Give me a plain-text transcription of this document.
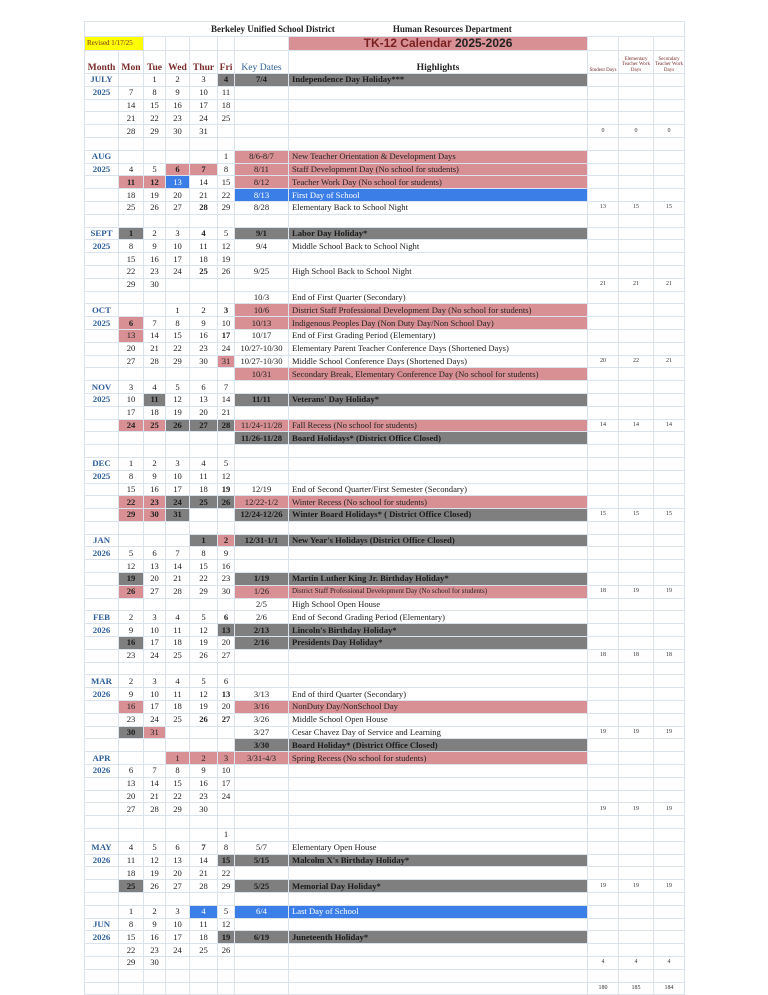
Berkeley Unified School District Human Resources Department										
Revised 1/17/25							TK-12 Calendar 2025-2026			
Month	Mon	Tue	Wed	Thur	Fri	Key Dates	Highlights	Student Days	Elementary Teacher Work Days	Secondary Teacher Work Days
JULY		1	2	3	4	7/4	Independence Day Holiday***			
2025	7	8	9	10	11					
	14	15	16	17	18					
	21	22	23	24	25					
	28	29	30	31				0	0	0

AUG					1	8/6-8/7	New Teacher Orientation & Development Days			
2025	4	5	6	7	8	8/11	Staff Development Day (No school for students)			
	11	12	13	14	15	8/12	Teacher Work Day (No school for students)			
	18	19	20	21	22	8/13	First Day of School			
	25	26	27	28	29	8/28	Elementary Back to School Night	13	15	15

SEPT	1	2	3	4	5	9/1	Labor Day Holiday*			
2025	8	9	10	11	12	9/4	Middle School Back to School Night			
	15	16	17	18	19					
	22	23	24	25	26	9/25	High School Back to School Night			
	29	30						21	21	21
						10/3	End of First Quarter (Secondary)			
OCT			1	2	3	10/6	District Staff Professional Development Day (No school for students)			
2025	6	7	8	9	10	10/13	Indigenous Peoples Day (Non Duty Day/Non School Day)			
	13	14	15	16	17	10/17	End of First Grading Period (Elementary)			
	20	21	22	23	24	10/27-10/30	Elementary Parent Teacher Conference Days (Shortened Days)			
	27	28	29	30	31	10/27-10/30	Middle School Conference Days (Shortened Days)	20	22	21
						10/31	Secondary Break, Elementary Conference Day (No school for students)			
NOV	3	4	5	6	7					
2025	10	11	12	13	14	11/11	Veterans' Day Holiday*			
	17	18	19	20	21					
	24	25	26	27	28	11/24-11/28	Fall Recess (No school for students)	14	14	14
						11/26-11/28	Board Holidays* (District Office Closed)			

DEC	1	2	3	4	5					
2025	8	9	10	11	12					
	15	16	17	18	19	12/19	End of Second Quarter/First Semester (Secondary)			
	22	23	24	25	26	12/22-1/2	Winter Recess (No school for students)			
	29	30	31			12/24-12/26	Winter Board Holidays* ( District Office Closed)	15	15	15

JAN				1	2	12/31-1/1	New Year's Holidays (District Office Closed)			
2026	5	6	7	8	9					
	12	13	14	15	16					
	19	20	21	22	23	1/19	Martin Luther King Jr. Birthday Holiday*			
	26	27	28	29	30	1/26	District Staff Professional Development Day (No school for students)	18	19	19
						2/5	High School Open House			
FEB	2	3	4	5	6	2/6	End of Second Grading Period (Elementary)			
2026	9	10	11	12	13	2/13	Lincoln's Birthday Holiday*			
	16	17	18	19	20	2/16	Presidents Day Holiday*			
	23	24	25	26	27			18	18	18

MAR	2	3	4	5	6					
2026	9	10	11	12	13	3/13	End of third Quarter (Secondary)			
	16	17	18	19	20	3/16	NonDuty Day/NonSchool Day			
	23	24	25	26	27	3/26	Middle School Open House			
	30	31				3/27	Cesar Chavez Day of Service and Learning	19	19	19
						3/30	Board Holiday* (District Office Closed)			
APR			1	2	3	3/31-4/3	Spring Recess (No school for students)			
2026	6	7	8	9	10					
	13	14	15	16	17					
	20	21	22	23	24					
	27	28	29	30				19	19	19

					1					
MAY	4	5	6	7	8	5/7	Elementary Open House			
2026	11	12	13	14	15	5/15	Malcolm X's Birthday Holiday*			
	18	19	20	21	22					
	25	26	27	28	29	5/25	Memorial Day Holiday*	19	19	19

	1	2	3	4	5	6/4	Last Day of School			
JUN	8	9	10	11	12					
2026	15	16	17	18	19	6/19	Juneteenth Holiday*			
	22	23	24	25	26					
	29	30						4	4	4

								180	185	184
